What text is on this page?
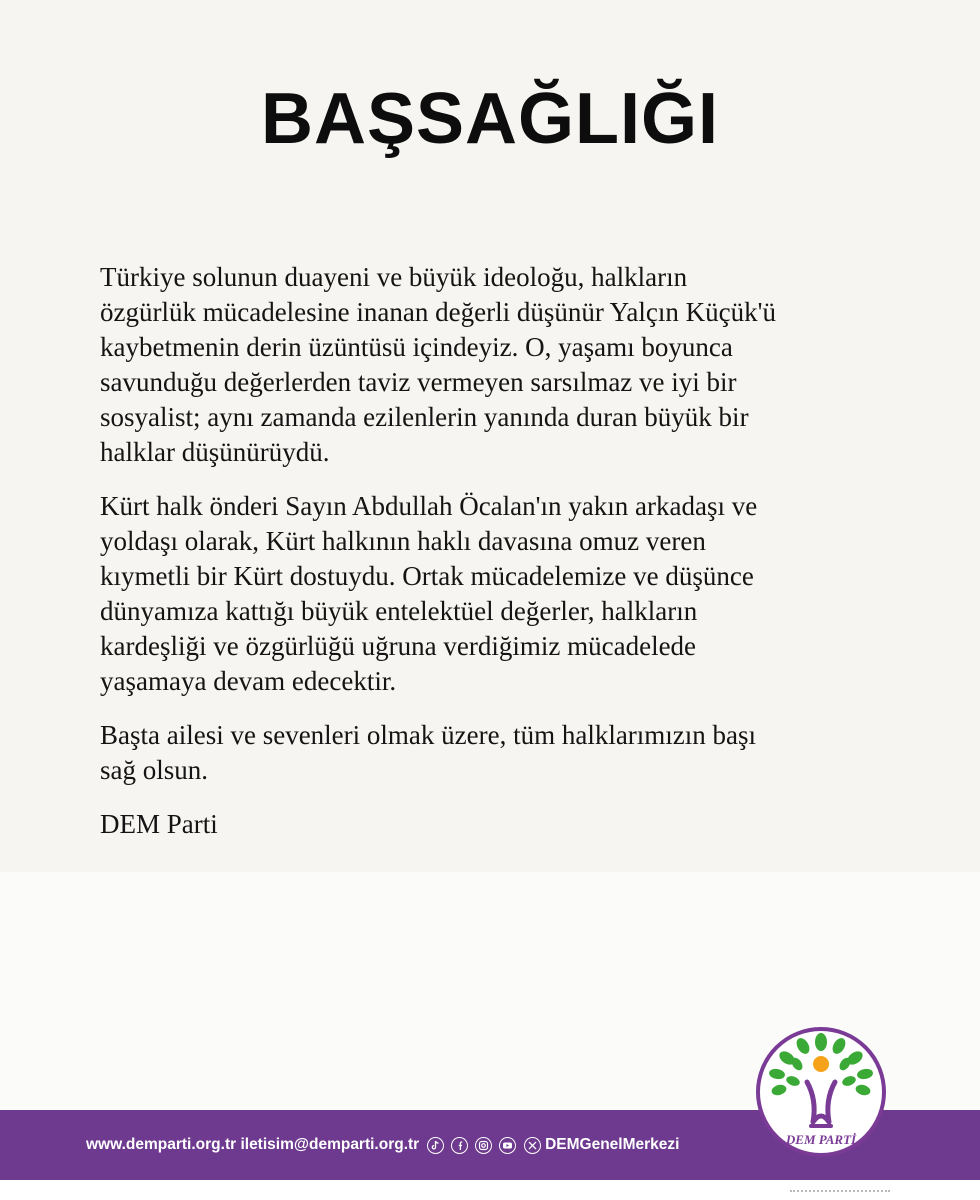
BAŞSAĞLIĞI

Türkiye solunun duayeni ve büyük ideoloğu, halkların
özgürlük mücadelesine inanan değerli düşünür Yalçın Küçük'ü
kaybetmenin derin üzüntüsü içindeyiz. O, yaşamı boyunca
savunduğu değerlerden taviz vermeyen sarsılmaz ve iyi bir
sosyalist; aynı zamanda ezilenlerin yanında duran büyük bir
halklar düşünürüydü.

Kürt halk önderi Sayın Abdullah Öcalan'ın yakın arkadaşı ve
yoldaşı olarak, Kürt halkının haklı davasına omuz veren
kıymetli bir Kürt dostuydu. Ortak mücadelemize ve düşünce
dünyamıza kattığı büyük entelektüel değerler, halkların
kardeşliği ve özgürlüğü uğruna verdiğimiz mücadelede
yaşamaya devam edecektir.

Başta ailesi ve sevenleri olmak üzere, tüm halklarımızın başı
sağ olsun.

DEM Parti

www.demparti.org.tr iletisim@demparti.org.tr

	DEMGenelMerkezi	DEM PARTİ
